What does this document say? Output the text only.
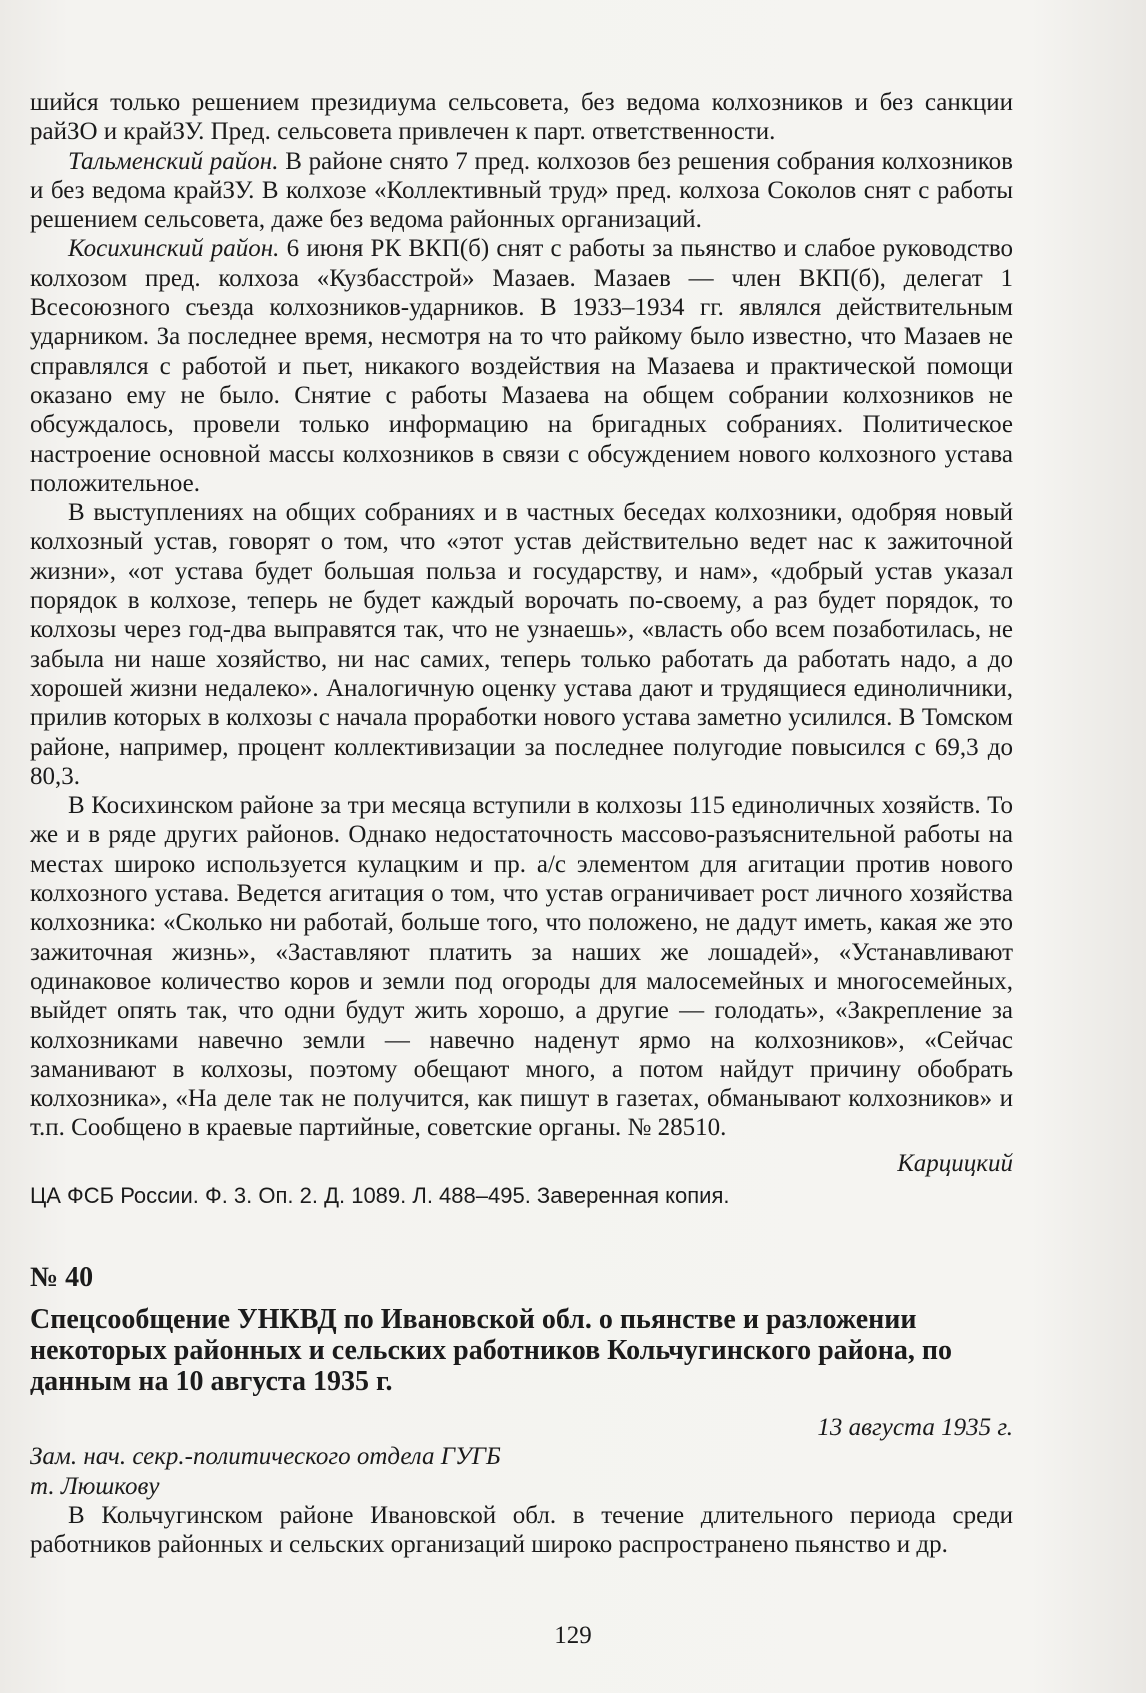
шийся только решением президиума сельсовета, без ведома колхозников и без санкции райЗО и крайЗУ. Пред. сельсовета привлечен к парт. ответственности.

Тальменский район. В районе снято 7 пред. колхозов без решения собрания колхозников и без ведома крайЗУ. В колхозе «Коллективный труд» пред. колхоза Соколов снят с работы решением сельсовета, даже без ведома районных организаций.

Косихинский район. 6 июня РК ВКП(б) снят с работы за пьянство и слабое руководство колхозом пред. колхоза «Кузбасстрой» Мазаев. Мазаев — член ВКП(б), делегат 1 Всесоюзного съезда колхозников-ударников. В 1933–1934 гг. являлся действительным ударником. За последнее время, несмотря на то что райкому было известно, что Мазаев не справлялся с работой и пьет, никакого воздействия на Мазаева и практической помощи оказано ему не было. Снятие с работы Мазаева на общем собрании колхозников не обсуждалось, провели только информацию на бригадных собраниях. Политическое настроение основной массы колхозников в связи с обсуждением нового колхозного устава положительное.

В выступлениях на общих собраниях и в частных беседах колхозники, одобряя новый колхозный устав, говорят о том, что «этот устав действительно ведет нас к зажиточной жизни», «от устава будет большая польза и государству, и нам», «добрый устав указал порядок в колхозе, теперь не будет каждый ворочать по-своему, а раз будет порядок, то колхозы через год-два выправятся так, что не узнаешь», «власть обо всем позаботилась, не забыла ни наше хозяйство, ни нас самих, теперь только работать да работать надо, а до хорошей жизни недалеко». Аналогичную оценку устава дают и трудящиеся единоличники, прилив которых в колхозы с начала проработки нового устава заметно усилился. В Томском районе, например, процент коллективизации за последнее полугодие повысился с 69,3 до 80,3.

В Косихинском районе за три месяца вступили в колхозы 115 единоличных хозяйств. То же и в ряде других районов. Однако недостаточность массово-разъяснительной работы на местах широко используется кулацким и пр. а/с элементом для агитации против нового колхозного устава. Ведется агитация о том, что устав ограничивает рост личного хозяйства колхозника: «Сколько ни работай, больше того, что положено, не дадут иметь, какая же это зажиточная жизнь», «Заставляют платить за наших же лошадей», «Устанавливают одинаковое количество коров и земли под огороды для малосемейных и многосемейных, выйдет опять так, что одни будут жить хорошо, а другие — голодать», «Закрепление за колхозниками навечно земли — навечно наденут ярмо на колхозников», «Сейчас заманивают в колхозы, поэтому обещают много, а потом найдут причину обобрать колхозника», «На деле так не получится, как пишут в газетах, обманывают колхозников» и т.п. Сообщено в краевые партийные, советские органы. № 28510.

Карцицкий

ЦА ФСБ России. Ф. 3. Оп. 2. Д. 1089. Л. 488–495. Заверенная копия.

№ 40

Спецсообщение УНКВД по Ивановской обл. о пьянстве и разложении некоторых районных и сельских работников Кольчугинского района, по данным на 10 августа 1935 г.

13 августа 1935 г.

Зам. нач. секр.-политического отдела ГУГБ

т. Люшкову

В Кольчугинском районе Ивановской обл. в течение длительного периода среди работников районных и сельских организаций широко распространено пьянство и др.

129
